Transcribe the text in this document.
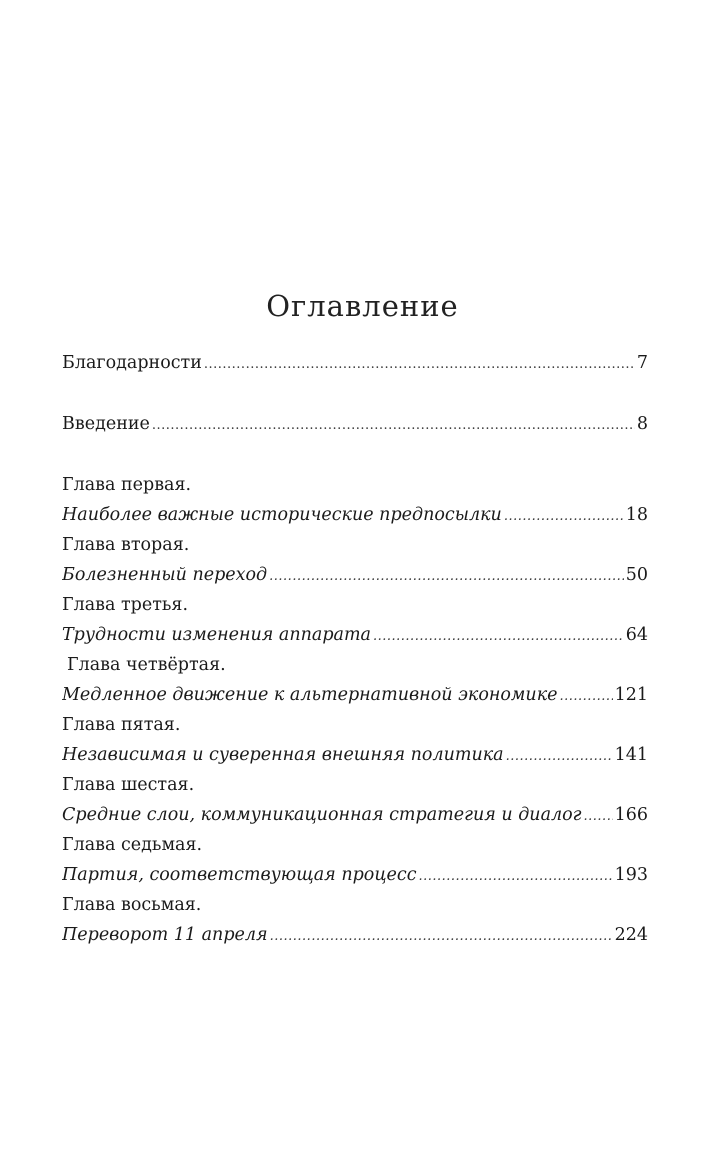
Оглавление
Благодарности .....	7
Введение .....	8
Глава первая.
Наиболее важные исторические предпосылки .....	18
Глава вторая.
Болезненный переход .....	50
Глава третья.
Трудности изменения аппарата .....	64
Глава четвёртая.
Медленное движение к альтернативной экономике .....	121
Глава пятая.
Независимая и суверенная внешняя политика .....	141
Глава шестая.
Средние слои, коммуникационная стратегия и диалог ..... 166
Глава седьмая.
Партия, соответствующая процесс .....	193
Глава восьмая.
Переворот 11 апреля .....	224
